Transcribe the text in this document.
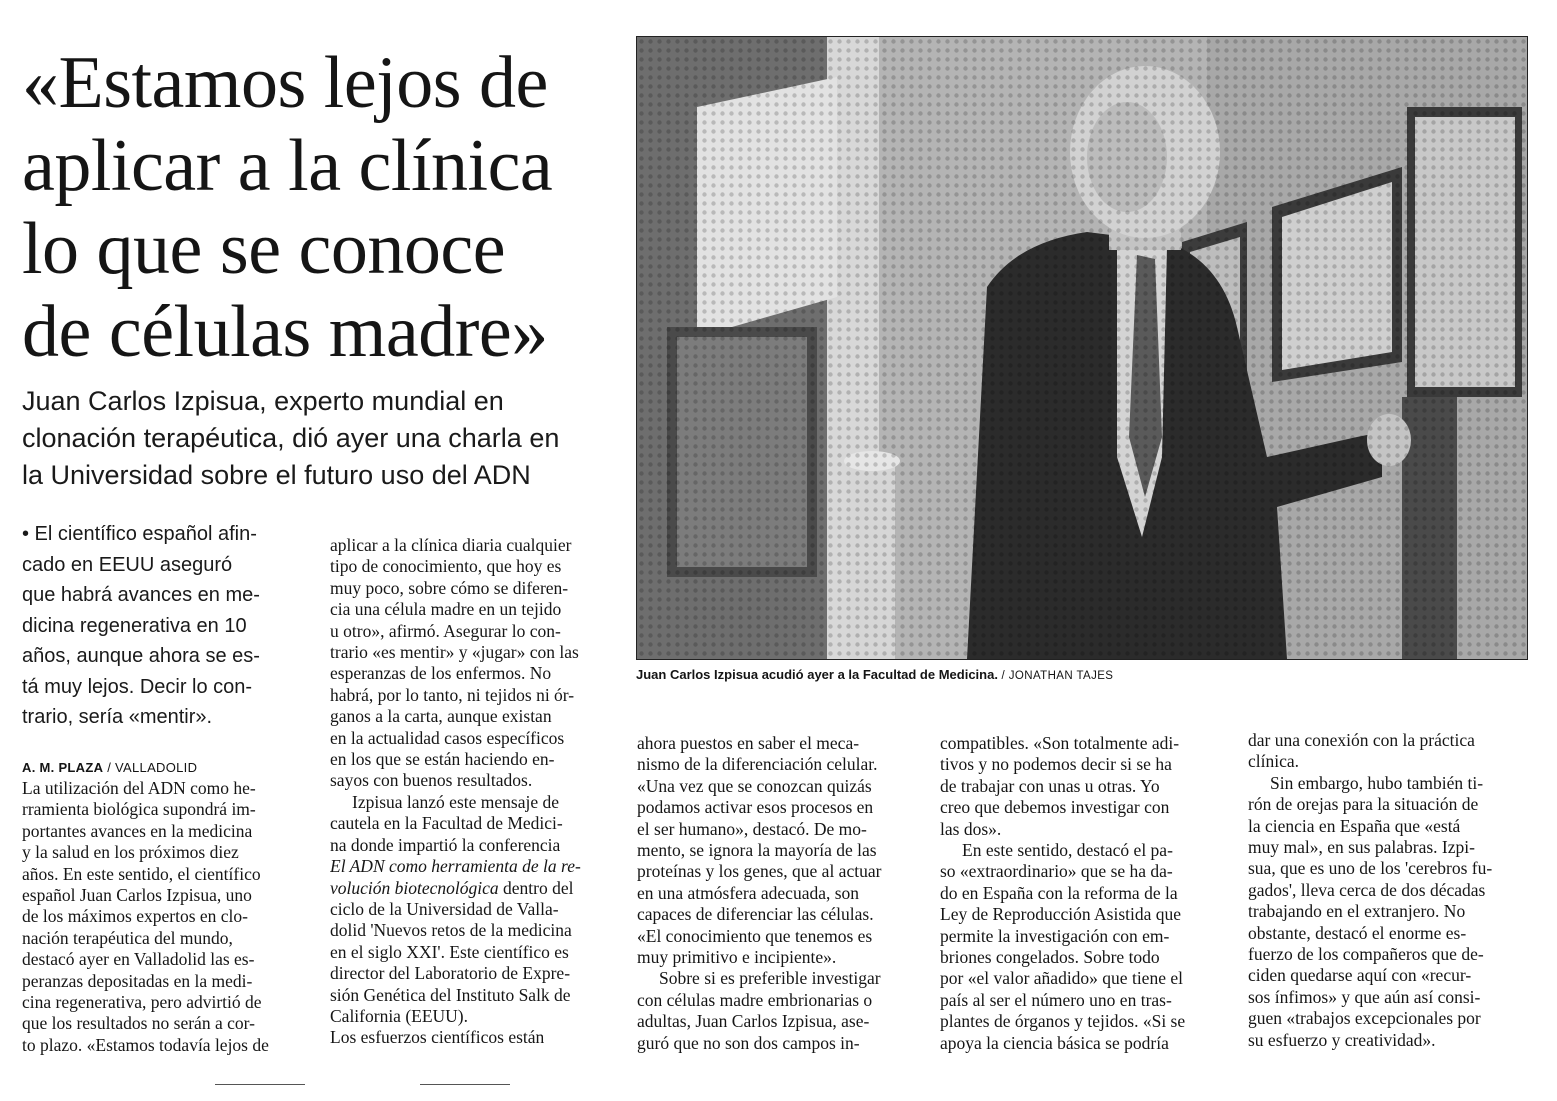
«Estamos lejos de
aplicar a la clínica
lo que se conoce
de células madre»
Juan Carlos Izpisua, experto mundial en
clonación terapéutica, dió ayer una charla en
la Universidad sobre el futuro uso del ADN
• El científico español afin-
cado en EEUU aseguró
que habrá avances en me-
dicina regenerativa en 10
años, aunque ahora se es-
tá muy lejos. Decir lo con-
trario, sería «mentir».
A. M. PLAZA / VALLADOLID
La utilización del ADN como he-
rramienta biológica supondrá im-
portantes avances en la medicina
y la salud en los próximos diez
años. En este sentido, el científico
español Juan Carlos Izpisua, uno
de los máximos expertos en clo-
nación terapéutica del mundo,
destacó ayer en Valladolid las es-
peranzas depositadas en la medi-
cina regenerativa, pero advirtió de
que los resultados no serán a cor-
to plazo. «Estamos todavía lejos de
aplicar a la clínica diaria cualquier
tipo de conocimiento, que hoy es
muy poco, sobre cómo se diferen-
cia una célula madre en un tejido
u otro», afirmó. Asegurar lo con-
trario «es mentir» y «jugar» con las
esperanzas de los enfermos. No
habrá, por lo tanto, ni tejidos ni ór-
ganos a la carta, aunque existan
en la actualidad casos específicos
en los que se están haciendo en-
sayos con buenos resultados.
Izpisua lanzó este mensaje de
cautela en la Facultad de Medici-
na donde impartió la conferencia
El ADN como herramienta de la re-
volución biotecnológica dentro del
ciclo de la Universidad de Valla-
dolid 'Nuevos retos de la medicina
en el siglo XXI'. Este científico es
director del Laboratorio de Expre-
sión Genética del Instituto Salk de
California (EEUU).
Los esfuerzos científicos están
ahora puestos en saber el meca-
nismo de la diferenciación celular.
«Una vez que se conozcan quizás
podamos activar esos procesos en
el ser humano», destacó. De mo-
mento, se ignora la mayoría de las
proteínas y los genes, que al actuar
en una atmósfera adecuada, son
capaces de diferenciar las células.
«El conocimiento que tenemos es
muy primitivo e incipiente».
Sobre si es preferible investigar
con células madre embrionarias o
adultas, Juan Carlos Izpisua, ase-
guró que no son dos campos in-
compatibles. «Son totalmente adi-
tivos y no podemos decir si se ha
de trabajar con unas u otras. Yo
creo que debemos investigar con
las dos».
En este sentido, destacó el pa-
so «extraordinario» que se ha da-
do en España con la reforma de la
Ley de Reproducción Asistida que
permite la investigación con em-
briones congelados. Sobre todo
por «el valor añadido» que tiene el
país al ser el número uno en tras-
plantes de órganos y tejidos. «Si se
apoya la ciencia básica se podría
dar una conexión con la práctica
clínica.
Sin embargo, hubo también ti-
rón de orejas para la situación de
la ciencia en España que «está
muy mal», en sus palabras. Izpi-
sua, que es uno de los 'cerebros fu-
gados', lleva cerca de dos décadas
trabajando en el extranjero. No
obstante, destacó el enorme es-
fuerzo de los compañeros que de-
ciden quedarse aquí con «recur-
sos ínfimos» y que aún así consi-
guen «trabajos excepcionales por
su esfuerzo y creatividad».
Juan Carlos Izpisua acudió ayer a la Facultad de Medicina. / JONATHAN TAJES
